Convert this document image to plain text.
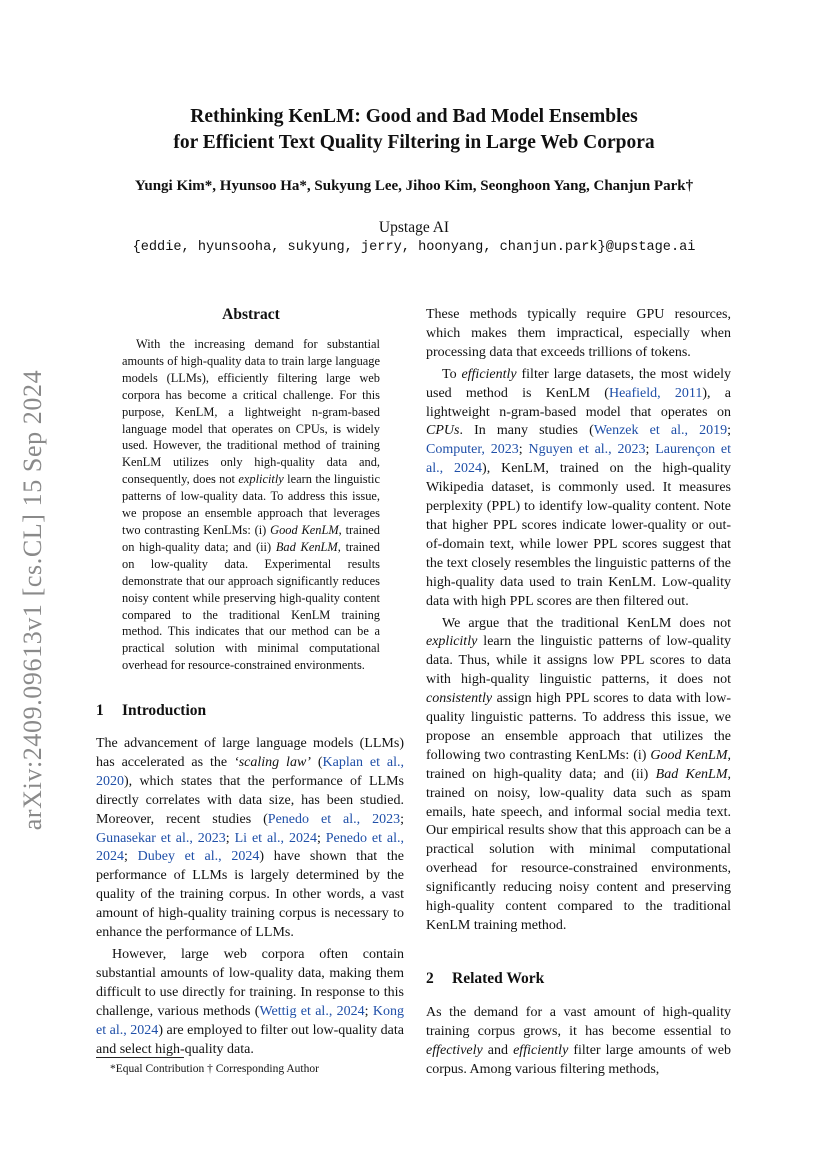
arXiv:2409.09613v1 [cs.CL] 15 Sep 2024
Rethinking KenLM: Good and Bad Model Ensembles
for Efficient Text Quality Filtering in Large Web Corpora
Yungi Kim*, Hyunsoo Ha*, Sukyung Lee, Jihoo Kim, Seonghoon Yang, Chanjun Park†
Upstage AI
{eddie, hyunsooha, sukyung, jerry, hoonyang, chanjun.park}@upstage.ai
Abstract

With the increasing demand for substantial amounts of high-quality data to train large language models (LLMs), efficiently filtering large web corpora has become a critical challenge. For this purpose, KenLM, a lightweight n-gram-based language model that operates on CPUs, is widely used. However, the traditional method of training KenLM utilizes only high-quality data and, consequently, does not explicitly learn the linguistic patterns of low-quality data. To address this issue, we propose an ensemble approach that leverages two contrasting KenLMs: (i) Good KenLM, trained on high-quality data; and (ii) Bad KenLM, trained on low-quality data. Experimental results demonstrate that our approach significantly reduces noisy content while preserving high-quality content compared to the traditional KenLM training method. This indicates that our method can be a practical solution with minimal computational overhead for resource-constrained environments.

1 Introduction

The advancement of large language models (LLMs) has accelerated as the ‘scaling law’ (Kaplan et al., 2020), which states that the performance of LLMs directly correlates with data size, has been studied. Moreover, recent studies (Penedo et al., 2023; Gunasekar et al., 2023; Li et al., 2024; Penedo et al., 2024; Dubey et al., 2024) have shown that the performance of LLMs is largely determined by the quality of the training corpus. In other words, a vast amount of high-quality training corpus is necessary to enhance the performance of LLMs.

However, large web corpora often contain substantial amounts of low-quality data, making them difficult to use directly for training. In response to this challenge, various methods (Wettig et al., 2024; Kong et al., 2024) are employed to filter out low-quality data and select high-quality data.

These methods typically require GPU resources, which makes them impractical, especially when processing data that exceeds trillions of tokens.

To efficiently filter large datasets, the most widely used method is KenLM (Heafield, 2011), a lightweight n-gram-based model that operates on CPUs. In many studies (Wenzek et al., 2019; Computer, 2023; Nguyen et al., 2023; Laurençon et al., 2024), KenLM, trained on the high-quality Wikipedia dataset, is commonly used. It measures perplexity (PPL) to identify low-quality content. Note that higher PPL scores indicate lower-quality or out-of-domain text, while lower PPL scores suggest that the text closely resembles the linguistic patterns of the high-quality data used to train KenLM. Low-quality data with high PPL scores are then filtered out.

We argue that the traditional KenLM does not explicitly learn the linguistic patterns of low-quality data. Thus, while it assigns low PPL scores to data with high-quality linguistic patterns, it does not consistently assign high PPL scores to data with low-quality linguistic patterns. To address this issue, we propose an ensemble approach that utilizes the following two contrasting KenLMs: (i) Good KenLM, trained on high-quality data; and (ii) Bad KenLM, trained on noisy, low-quality data such as spam emails, hate speech, and informal social media text. Our empirical results show that this approach can be a practical solution with minimal computational overhead for resource-constrained environments, significantly reducing noisy content and preserving high-quality content compared to the traditional KenLM training method.

2 Related Work

As the demand for a vast amount of high-quality training corpus grows, it has become essential to effectively and efficiently filter large amounts of web corpus. Among various filtering methods,

*Equal Contribution † Corresponding Author
